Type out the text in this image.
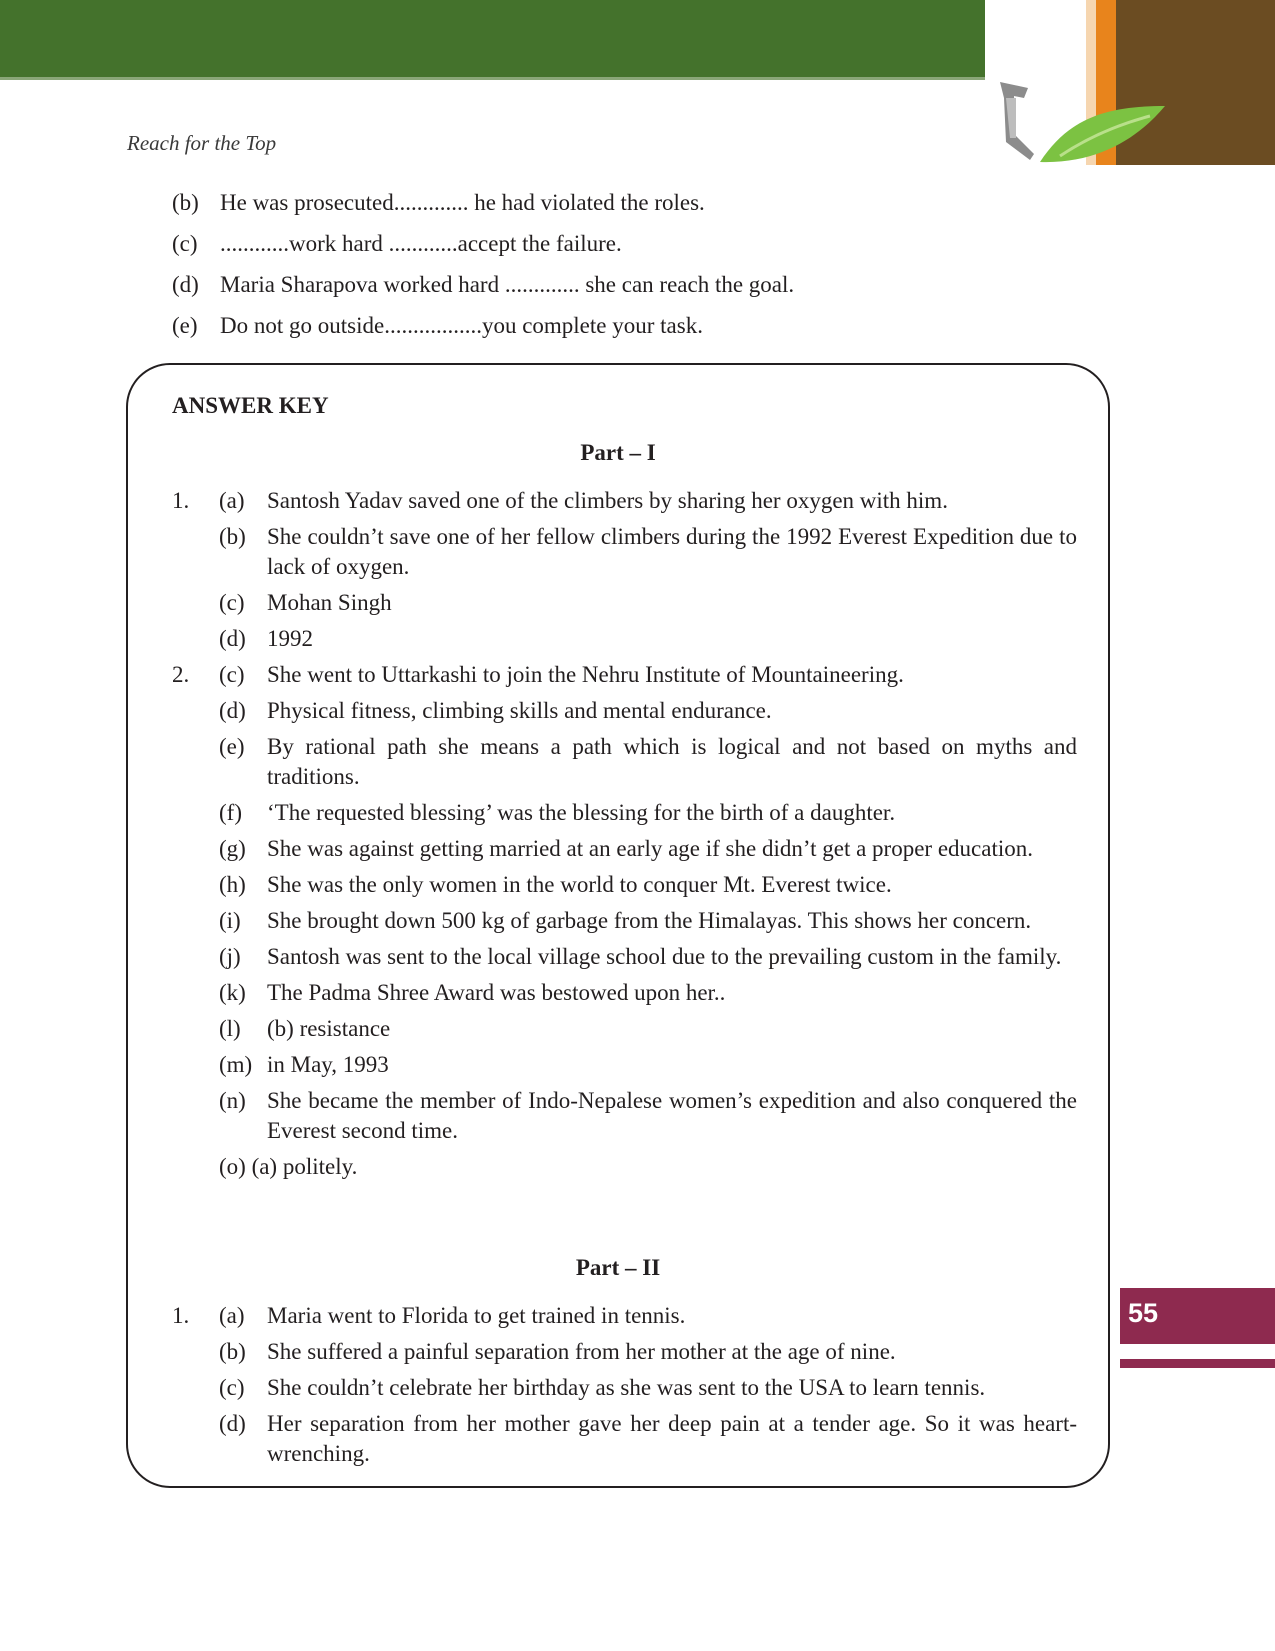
Reach for the Top
(b) He was prosecuted............. he had violated the roles.
(c) ............work hard ............accept the failure.
(d) Maria Sharapova worked hard ............. she can reach the goal.
(e) Do not go outside.................you complete your task.
ANSWER KEY
Part – I
1.	(a) Santosh Yadav saved one of the climbers by sharing her oxygen with him.
(b) She couldn’t save one of her fellow climbers during the 1992 Everest Expedition due to lack of oxygen.
(c) Mohan Singh
(d) 1992
2.	(c) She went to Uttarkashi to join the Nehru Institute of Mountaineering.
(d) Physical fitness, climbing skills and mental endurance.
(e) By rational path she means a path which is logical and not based on myths and traditions.
(f)	‘The requested blessing’ was the blessing for the birth of a daughter.
(g) She was against getting married at an early age if she didn’t get a proper education.
(h) She was the only women in the world to conquer Mt. Everest twice.
(i)	She brought down 500 kg of garbage from the Himalayas. This shows her concern.
(j)	Santosh was sent to the local village school due to the prevailing custom in the family.
(k) The Padma Shree Award was bestowed upon her..
(l)	(b) resistance
(m) in May, 1993
(n) She became the member of Indo-Nepalese women’s expedition and also conquered the Everest second time.
(o) (a) politely.
Part – II
1.	(a) Maria went to Florida to get trained in tennis.
(b) She suffered a painful separation from her mother at the age of nine.
(c) She couldn’t celebrate her birthday as she was sent to the USA to learn tennis.
(d) Her separation from her mother gave her deep pain at a tender age. So it was heart-wrenching.
55
